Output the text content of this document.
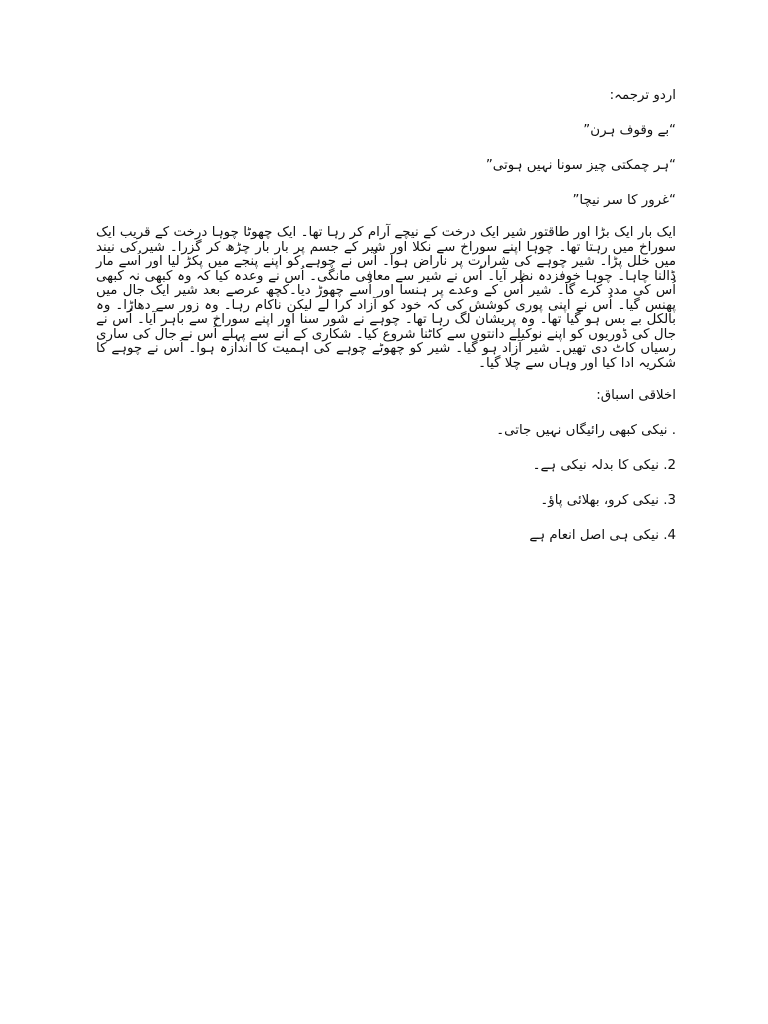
اردو ترجمہ:

“بے وقوف ہرن”

“ہر چمکتی چیز سونا نہیں ہوتی”

“غرور کا سر نیچا”

ایک بار ایک بڑا اور طاقتور شیر ایک درخت کے نیچے آرام کر رہا تھا۔ ایک چھوٹا چوہا درخت کے قریب ایک سوراخ میں رہتا تھا۔ چوہا اپنے سوراخ سے نکلا اور شیر کے جسم پر بار بار چڑھ کر گزرا۔ شیر کی نیند میں خلل پڑا۔ شیر چوہے کی شرارت پر ناراض ہوا۔ اُس نے چوہے کو اپنے پنجے میں پکڑ لیا اور اُسے مار ڈالنا چاہا۔ چوہا خوفزدہ نظر آیا۔ اُس نے شیر سے معافی مانگی۔ اُس نے وعدہ کیا کہ وہ کبھی نہ کبھی اُس کی مدد کرے گا۔ شیر اُس کے وعدے پر ہنسا اور اُسے چھوڑ دیا۔کچھ عرصے بعد شیر ایک جال میں پھنس گیا۔ اُس نے اپنی پوری کوشش کی کہ خود کو آزاد کرا لے لیکن ناکام رہا۔ وہ زور سے دھاڑا۔ وہ بالکل بے بس ہو گیا تھا۔ وہ پریشان لگ رہا تھا۔ چوہے نے شور سنا اور اپنے سوراخ سے باہر آیا۔ اُس نے جال کی ڈوریوں کو اپنے نوکیلے دانتوں سے کاٹنا شروع کیا۔ شکاری کے آنے سے پہلے اُس نے جال کی ساری رسیاں کاٹ دی تھیں۔ شیر آزاد ہو گیا۔ شیر کو چھوٹے چوہے کی اہمیت کا اندازہ ہوا۔ اُس نے چوہے کا شکریہ ادا کیا اور وہاں سے چلا گیا۔

اخلاقی اسباق:

. نیکی کبھی رائیگاں نہیں جاتی۔

2. نیکی کا بدلہ نیکی ہے۔

3. نیکی کرو، بھلائی پاؤ۔

4. نیکی ہی اصل انعام ہے
